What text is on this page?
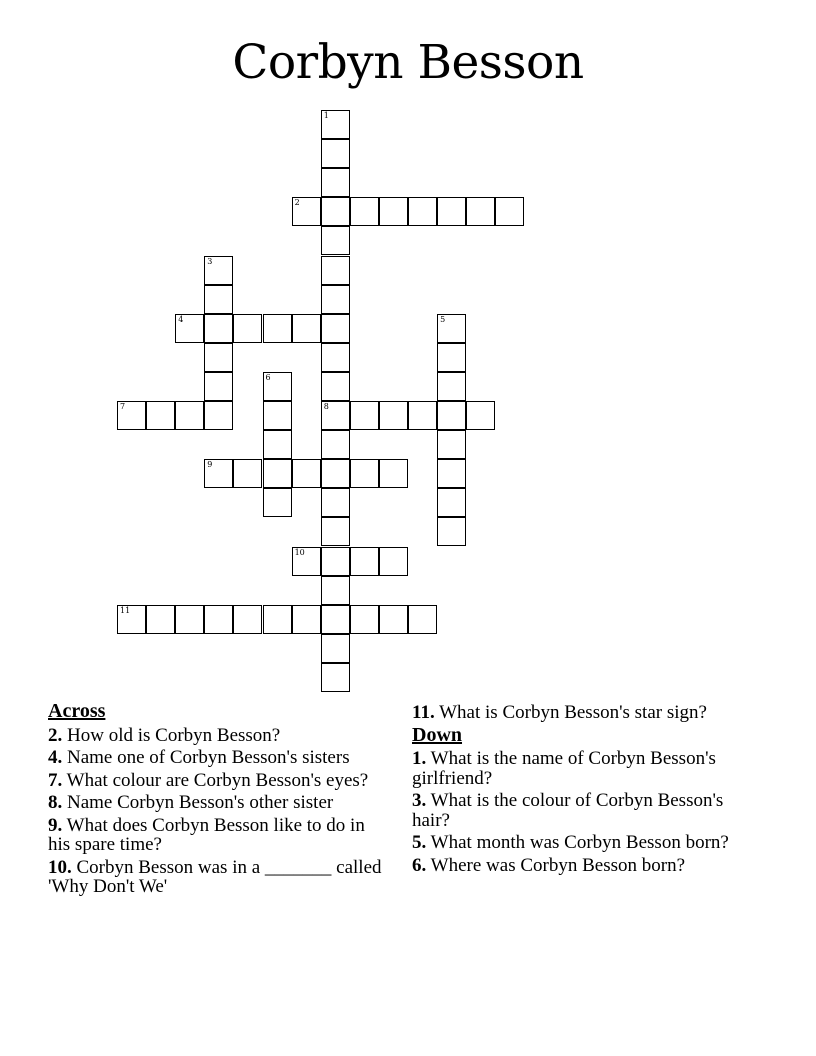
Corbyn Besson
1
8
2
3
4	5
6
7
9
10
11
Across
2. How old is Corbyn Besson?
4. Name one of Corbyn Besson's sisters
7. What colour are Corbyn Besson's eyes?
8. Name Corbyn Besson's other sister
9. What does Corbyn Besson like to do in his spare time?
10. Corbyn Besson was in a _______ called 'Why Don't We'
11. What is Corbyn Besson's star sign?
Down
1. What is the name of Corbyn Besson's girlfriend?
3. What is the colour of Corbyn Besson's hair?
5. What month was Corbyn Besson born?
6. Where was Corbyn Besson born?
